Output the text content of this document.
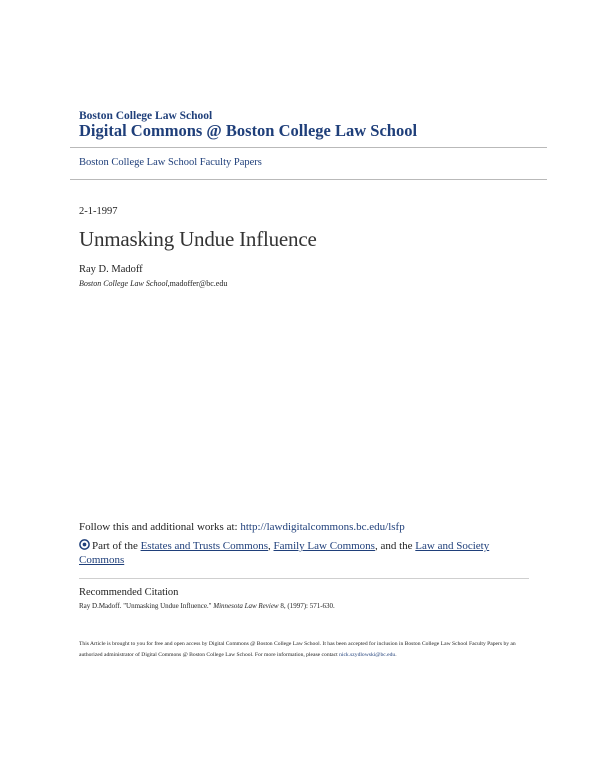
Boston College Law School
Digital Commons @ Boston College Law School
Boston College Law School Faculty Papers
2-1-1997
Unmasking Undue Influence
Ray D. Madoff
Boston College Law School,madoffer@bc.edu
Follow this and additional works at: http://lawdigitalcommons.bc.edu/lsfp
Part of the Estates and Trusts Commons, Family Law Commons, and the Law and Society Commons
Recommended Citation
Ray D.Madoff. "Unmasking Undue Influence." Minnesota Law Review 8, (1997): 571-630.
This Article is brought to you for free and open access by Digital Commons @ Boston College Law School. It has been accepted for inclusion in Boston College Law School Faculty Papers by an authorized administrator of Digital Commons @ Boston College Law School. For more information, please contact nick.szydlowski@bc.edu.
